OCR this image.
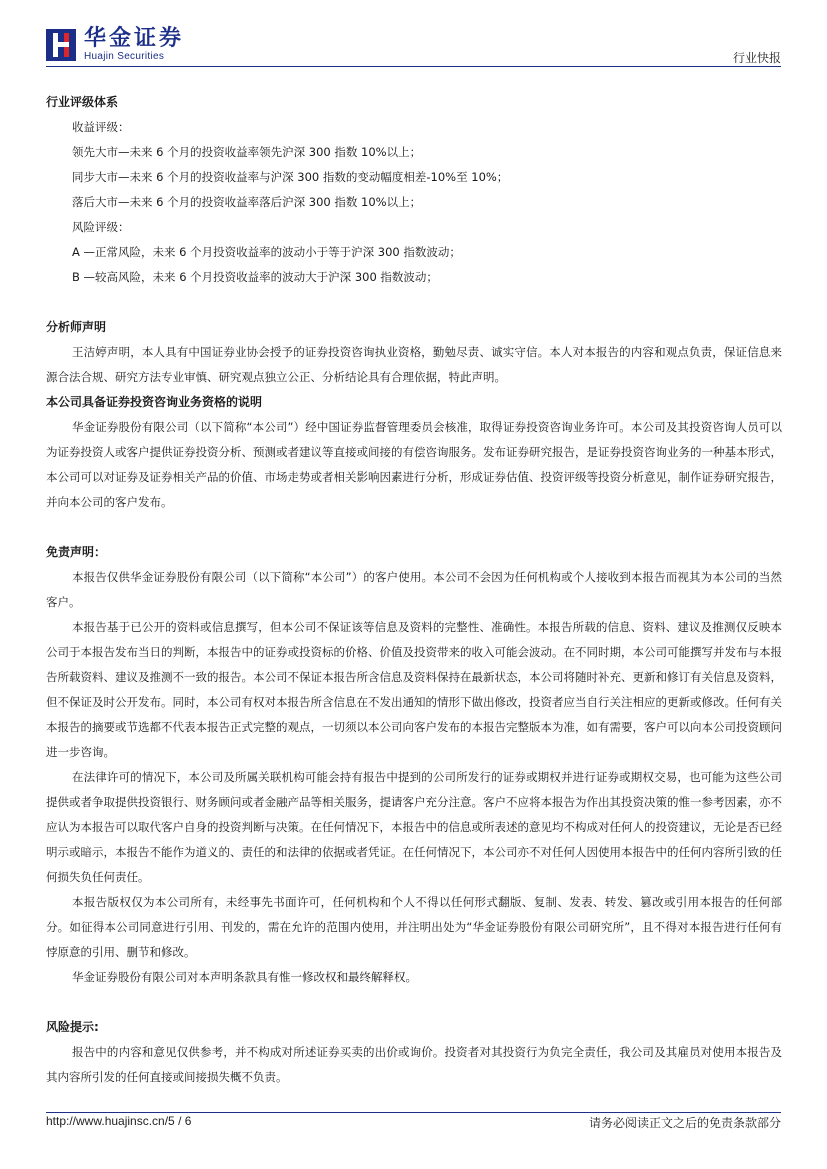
华金证券
Huajin Securities	行业快报
行业评级体系
收益评级：
领先大市—未来 6 个月的投资收益率领先沪深 300 指数 10%以上；
同步大市—未来 6 个月的投资收益率与沪深 300 指数的变动幅度相差-10%至 10%；
落后大市—未来 6 个月的投资收益率落后沪深 300 指数 10%以上；
风险评级：
A —正常风险，未来 6 个月投资收益率的波动小于等于沪深 300 指数波动；
B —较高风险，未来 6 个月投资收益率的波动大于沪深 300 指数波动；
分析师声明

王洁婷声明，本人具有中国证券业协会授予的证券投资咨询执业资格，勤勉尽责、诚实守信。本人对本报告的内容和观点负责，保证信息来源合法合规、研究方法专业审慎、研究观点独立公正、分析结论具有合理依据，特此声明。

本公司具备证券投资咨询业务资格的说明

华金证券股份有限公司（以下简称“本公司”）经中国证券监督管理委员会核准，取得证券投资咨询业务许可。本公司及其投资咨询人员可以为证券投资人或客户提供证券投资分析、预测或者建议等直接或间接的有偿咨询服务。发布证券研究报告，是证券投资咨询业务的一种基本形式，本公司可以对证券及证券相关产品的价值、市场走势或者相关影响因素进行分析，形成证券估值、投资评级等投资分析意见，制作证券研究报告，并向本公司的客户发布。

免责声明：

本报告仅供华金证券股份有限公司（以下简称“本公司”）的客户使用。本公司不会因为任何机构或个人接收到本报告而视其为本公司的当然客户。

本报告基于已公开的资料或信息撰写，但本公司不保证该等信息及资料的完整性、准确性。本报告所载的信息、资料、建议及推测仅反映本公司于本报告发布当日的判断，本报告中的证券或投资标的价格、价值及投资带来的收入可能会波动。在不同时期，本公司可能撰写并发布与本报告所载资料、建议及推测不一致的报告。本公司不保证本报告所含信息及资料保持在最新状态，本公司将随时补充、更新和修订有关信息及资料，但不保证及时公开发布。同时，本公司有权对本报告所含信息在不发出通知的情形下做出修改，投资者应当自行关注相应的更新或修改。任何有关本报告的摘要或节选都不代表本报告正式完整的观点，一切须以本公司向客户发布的本报告完整版本为准，如有需要，客户可以向本公司投资顾问进一步咨询。

在法律许可的情况下，本公司及所属关联机构可能会持有报告中提到的公司所发行的证券或期权并进行证券或期权交易，也可能为这些公司提供或者争取提供投资银行、财务顾问或者金融产品等相关服务，提请客户充分注意。客户不应将本报告为作出其投资决策的惟一参考因素，亦不应认为本报告可以取代客户自身的投资判断与决策。在任何情况下，本报告中的信息或所表述的意见均不构成对任何人的投资建议，无论是否已经明示或暗示，本报告不能作为道义的、责任的和法律的依据或者凭证。在任何情况下，本公司亦不对任何人因使用本报告中的任何内容所引致的任何损失负任何责任。

本报告版权仅为本公司所有，未经事先书面许可，任何机构和个人不得以任何形式翻版、复制、发表、转发、篡改或引用本报告的任何部分。如征得本公司同意进行引用、刊发的，需在允许的范围内使用，并注明出处为“华金证券股份有限公司研究所”，且不得对本报告进行任何有悖原意的引用、删节和修改。

华金证券股份有限公司对本声明条款具有惟一修改权和最终解释权。

风险提示:

报告中的内容和意见仅供参考，并不构成对所述证券买卖的出价或询价。投资者对其投资行为负完全责任，我公司及其雇员对使用本报告及其内容所引发的任何直接或间接损失概不负责。

http://www.huajinsc.cn/5 / 6	请务必阅读正文之后的免责条款部分
